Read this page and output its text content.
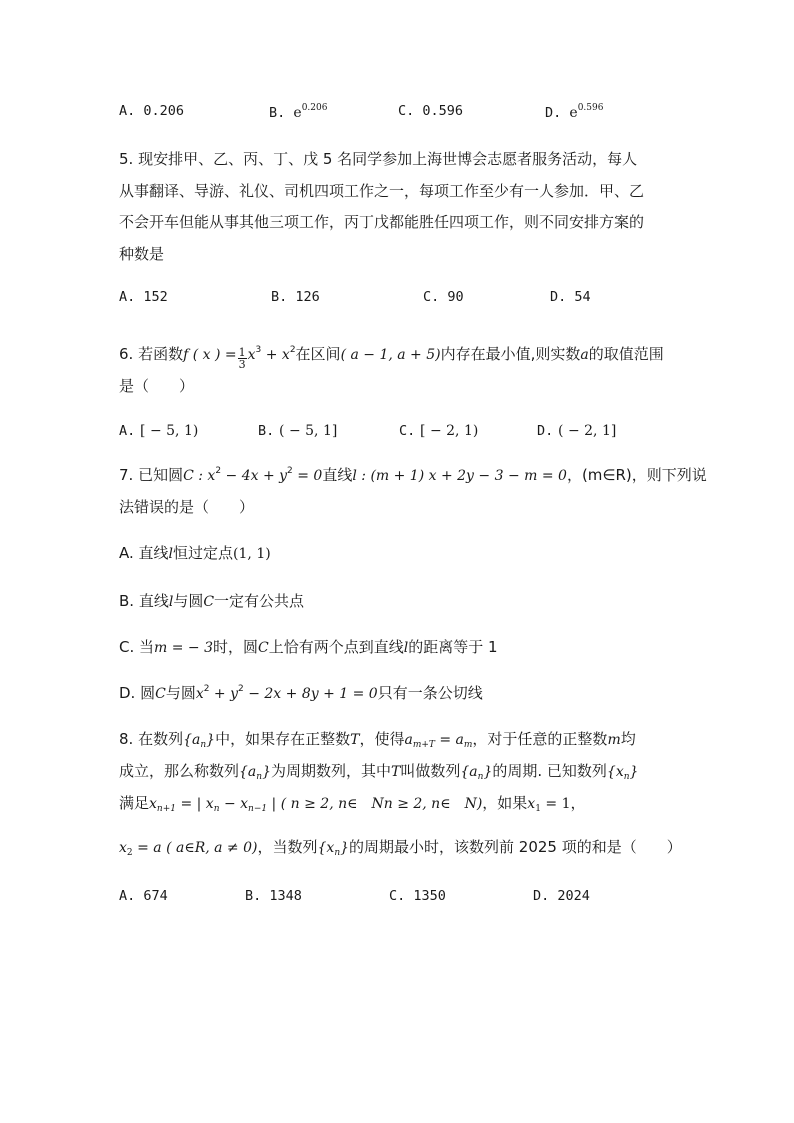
A. 0.206	B. $e^{0.206}$	C. 0.596	D. $e^{0.596}$
5. 现安排甲、乙、丙、丁、戊 5 名同学参加上海世博会志愿者服务活动，每人
从事翻译、导游、礼仪、司机四项工作之一，每项工作至少有一人参加．甲、乙
不会开车但能从事其他三项工作，丙丁戊都能胜任四项工作，则不同安排方案的
种数是
A. 152	B. 126	C. 90	D. 54
6. 若函数f ( x ) = $\frac{1}{3} x^3 + x^2$在区间( a − 1, a + 5)内存在最小值,则实数a的取值范围
是（　　）
A. [ − 5, 1)	B. ( − 5, 1]	C. [ − 2, 1)	D. ( − 2, 1]
7. 已知圆C : $x^2 - 4x + y^2 = 0$直线l : (m + 1) x + 2y − 3 − m = 0，(m∈R)，则下列说
法错误的是（　　）
A. 直线l恒过定点(1, 1)
B. 直线l与圆C一定有公共点
C. 当m = − 3时，圆C上恰有两个点到直线l的距离等于 1
D. 圆C与圆$x^2 + y^2 - 2x + 8y + 1 = 0$只有一条公切线
8. 在数列$\{a_n\}$中，如果存在正整数T，使得$a_{m+T} = a_m$，对于任意的正整数m均
成立，那么称数列$\{a_n\}$为周期数列，其中T叫做数列$\{a_n\}$的周期. 已知数列$\{x_n\}$
满足$x_{n+1}$ = | $x_n - x_{n-1}$ | ( n ≥ 2, n∈　Nn ≥ 2, n∈　N)，如果$x_1 = 1$，
$x_2 = a$ ( a∈R, a ≠ 0)，当数列$\{x_n\}$的周期最小时，该数列前 2025 项的和是（　　）
A. 674	B. 1348	C. 1350	D. 2024
